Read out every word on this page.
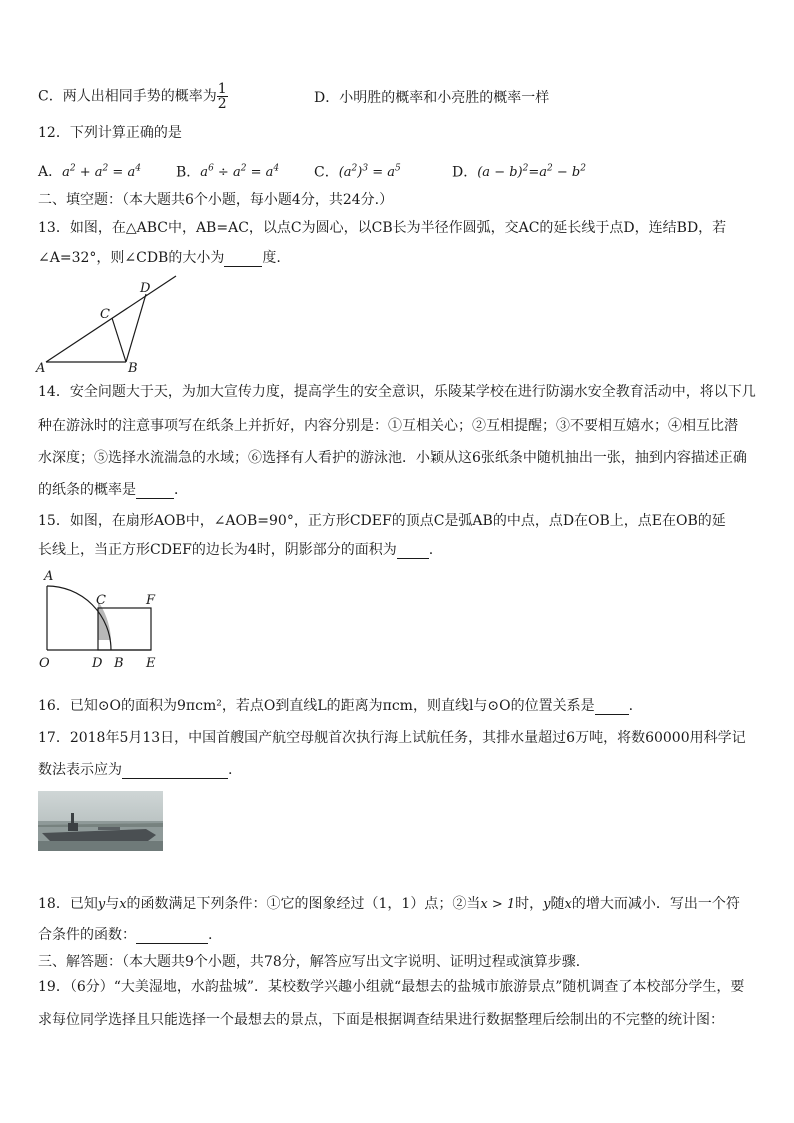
C．两人出相同手势的概率为 $\frac{1}{2}$	D．小明胜的概率和小亮胜的概率一样
12．下列计算正确的是
A．$a^2 + a^2 = a^4$	B．$a^6 \div a^2 = a^4$ C．$(a^2)^3 = a^5$	D．$(a - b)^2=a^2 - b^2$
二、填空题：（本大题共6个小题，每小题4分，共24分.）
13．如图，在△ABC中，AB=AC，以点C为圆心，以CB长为半径作圆弧，交AC的延长线于点D，连结BD，若
∠A=32°，则∠CDB的大小为	度.
A	B
C
D
14．安全问题大于天，为加大宣传力度，提高学生的安全意识，乐陵某学校在进行防溺水安全教育活动中，将以下几
种在游泳时的注意事项写在纸条上并折好，内容分别是：①互相关心；②互相提醒；③不要相互嬉水；④相互比潜
水深度；⑤选择水流湍急的水域；⑥选择有人看护的游泳池．小颖从这6张纸条中随机抽出一张，抽到内容描述正确
的纸条的概率是	．
15．如图，在扇形AOB中，∠AOB=90°，正方形CDEF的顶点C是弧AB的中点，点D在OB上，点E在OB的延
长线上，当正方形CDEF的边长为4时，阴影部分的面积为 .
A
C	F
O	D B E
16．已知⊙O的面积为9πcm²，若点O到直线L的距离为πcm，则直线l与⊙O的位置关系是 .
17．2018年5月13日，中国首艘国产航空母舰首次执行海上试航任务，其排水量超过6万吨，将数60000用科学记
数法表示应为	.
18．已知y与x的函数满足下列条件：①它的图象经过（1，1）点；②当x > 1时，y随x的增大而减小．写出一个符
合条件的函数：	.
三、解答题：（本大题共9个小题，共78分，解答应写出文字说明、证明过程或演算步骤．
19．（6分）“大美湿地，水韵盐城”．某校数学兴趣小组就“最想去的盐城市旅游景点”随机调查了本校部分学生，要
求每位同学选择且只能选择一个最想去的景点，下面是根据调查结果进行数据整理后绘制出的不完整的统计图：
